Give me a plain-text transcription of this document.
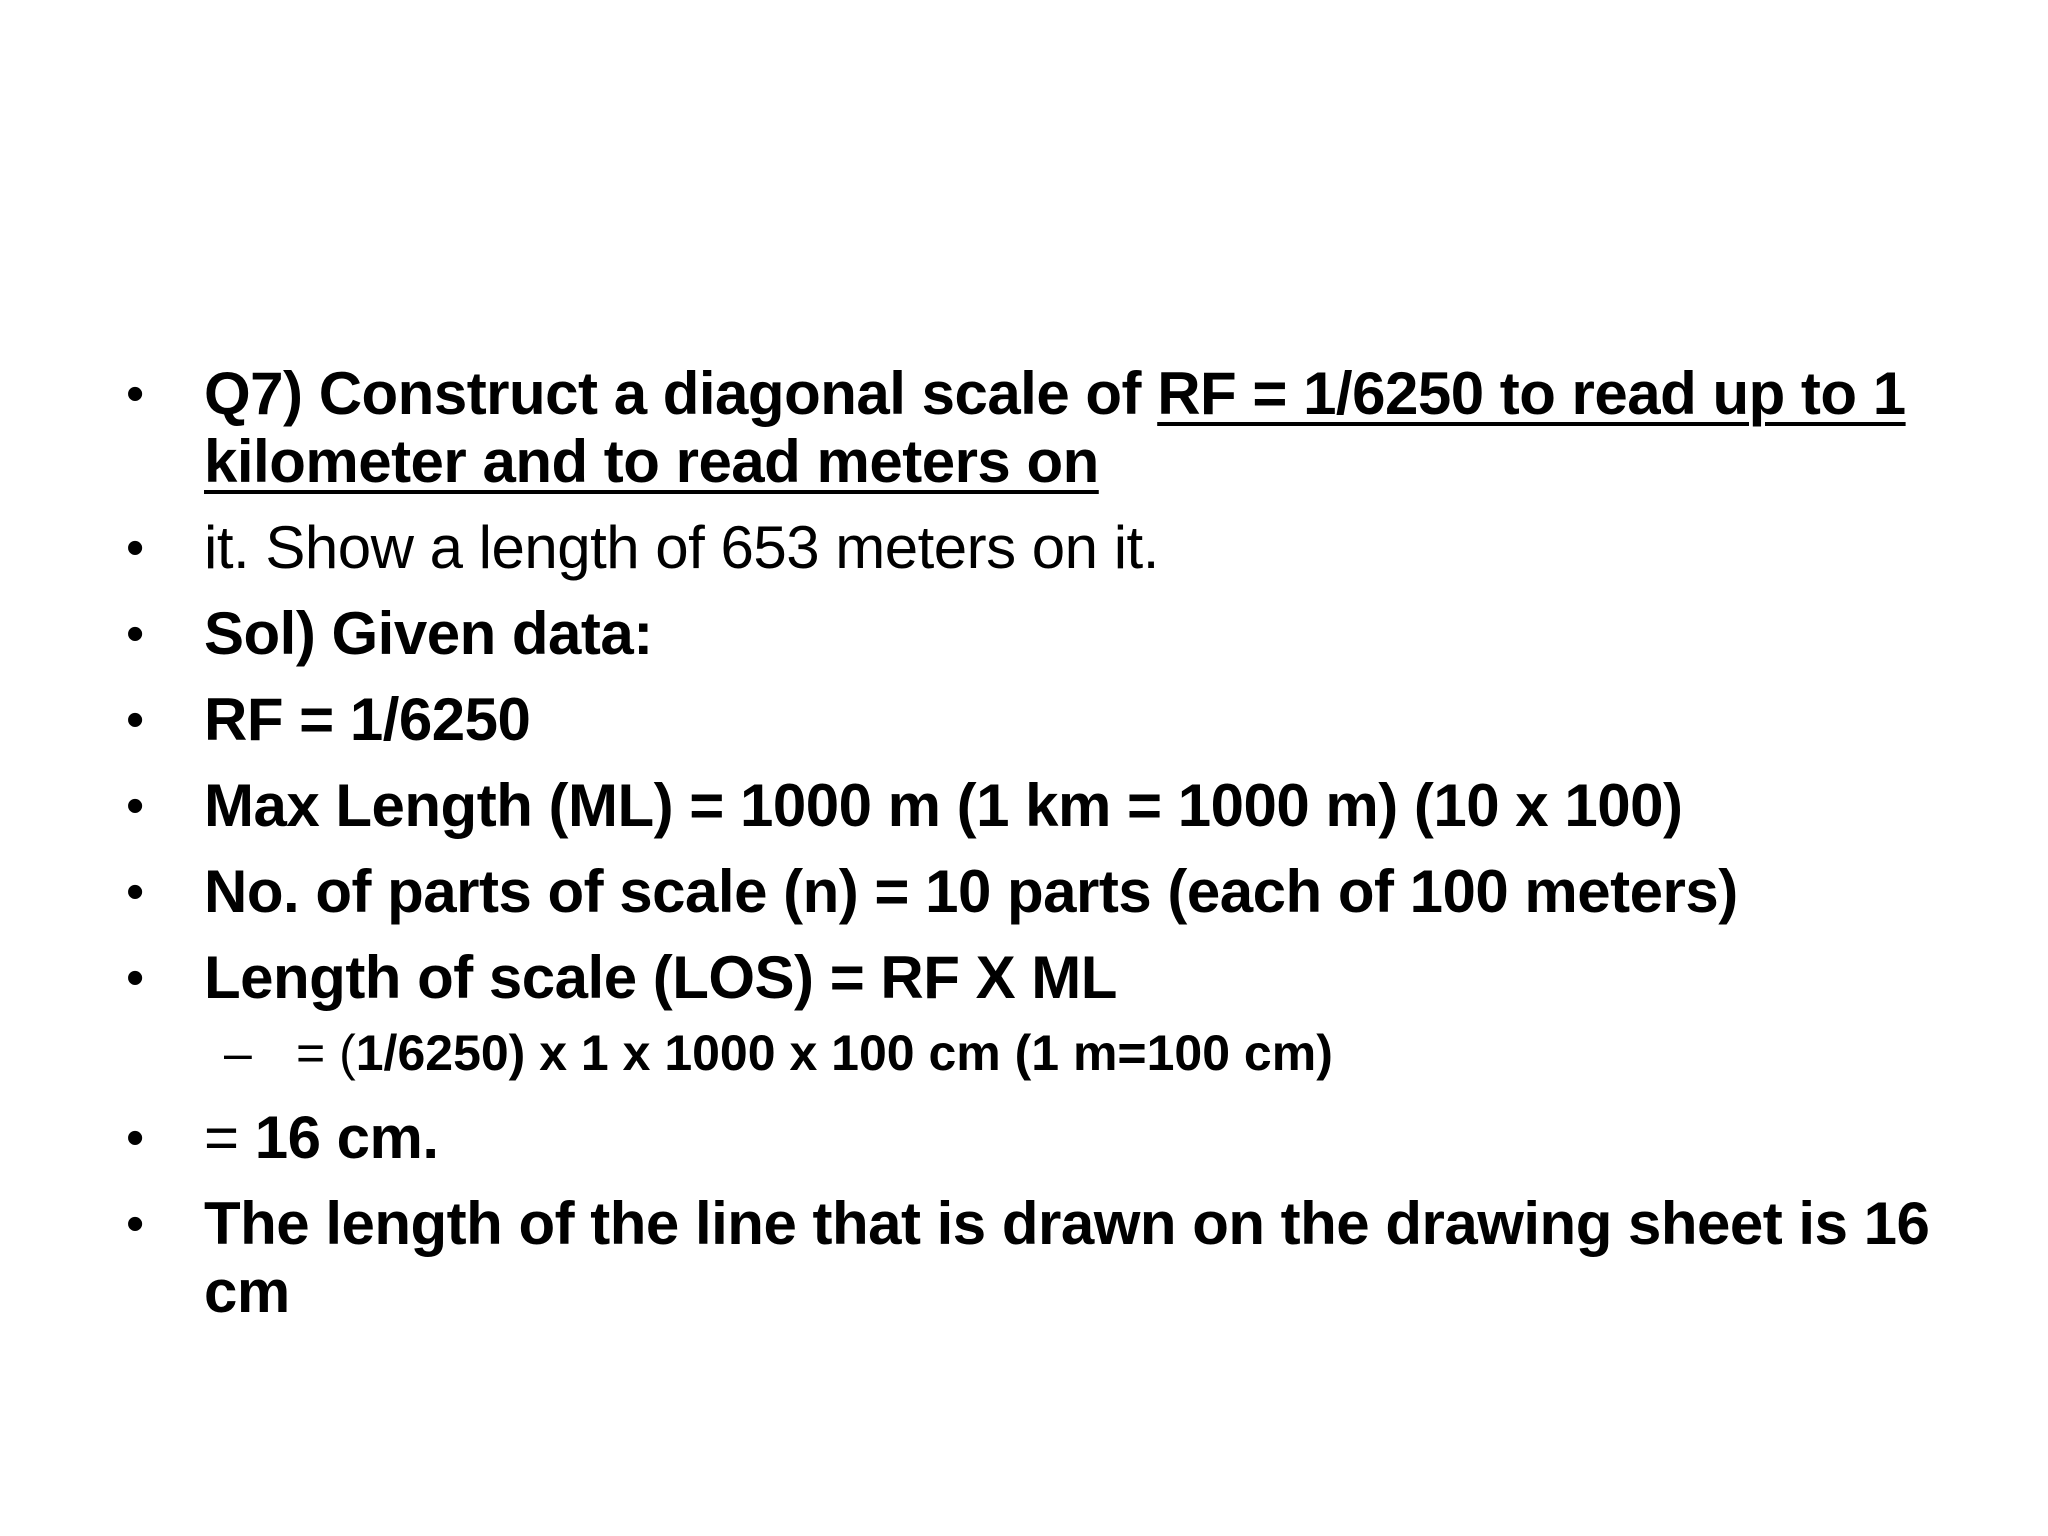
• Q7) Construct a diagonal scale of RF = 1/6250 to read up to 1 kilometer and to read meters on
• it. Show a length of 653 meters on it.
• Sol) Given data:
• RF = 1/6250
• Max Length (ML) = 1000 m (1 km = 1000 m) (10 x 100)
• No. of parts of scale (n) = 10 parts (each of 100 meters)
• Length of scale (LOS) = RF X ML
– = (1/6250) x 1 x 1000 x 100 cm (1 m=100 cm)
• = 16 cm.
• The length of the line that is drawn on the drawing sheet is 16 cm
